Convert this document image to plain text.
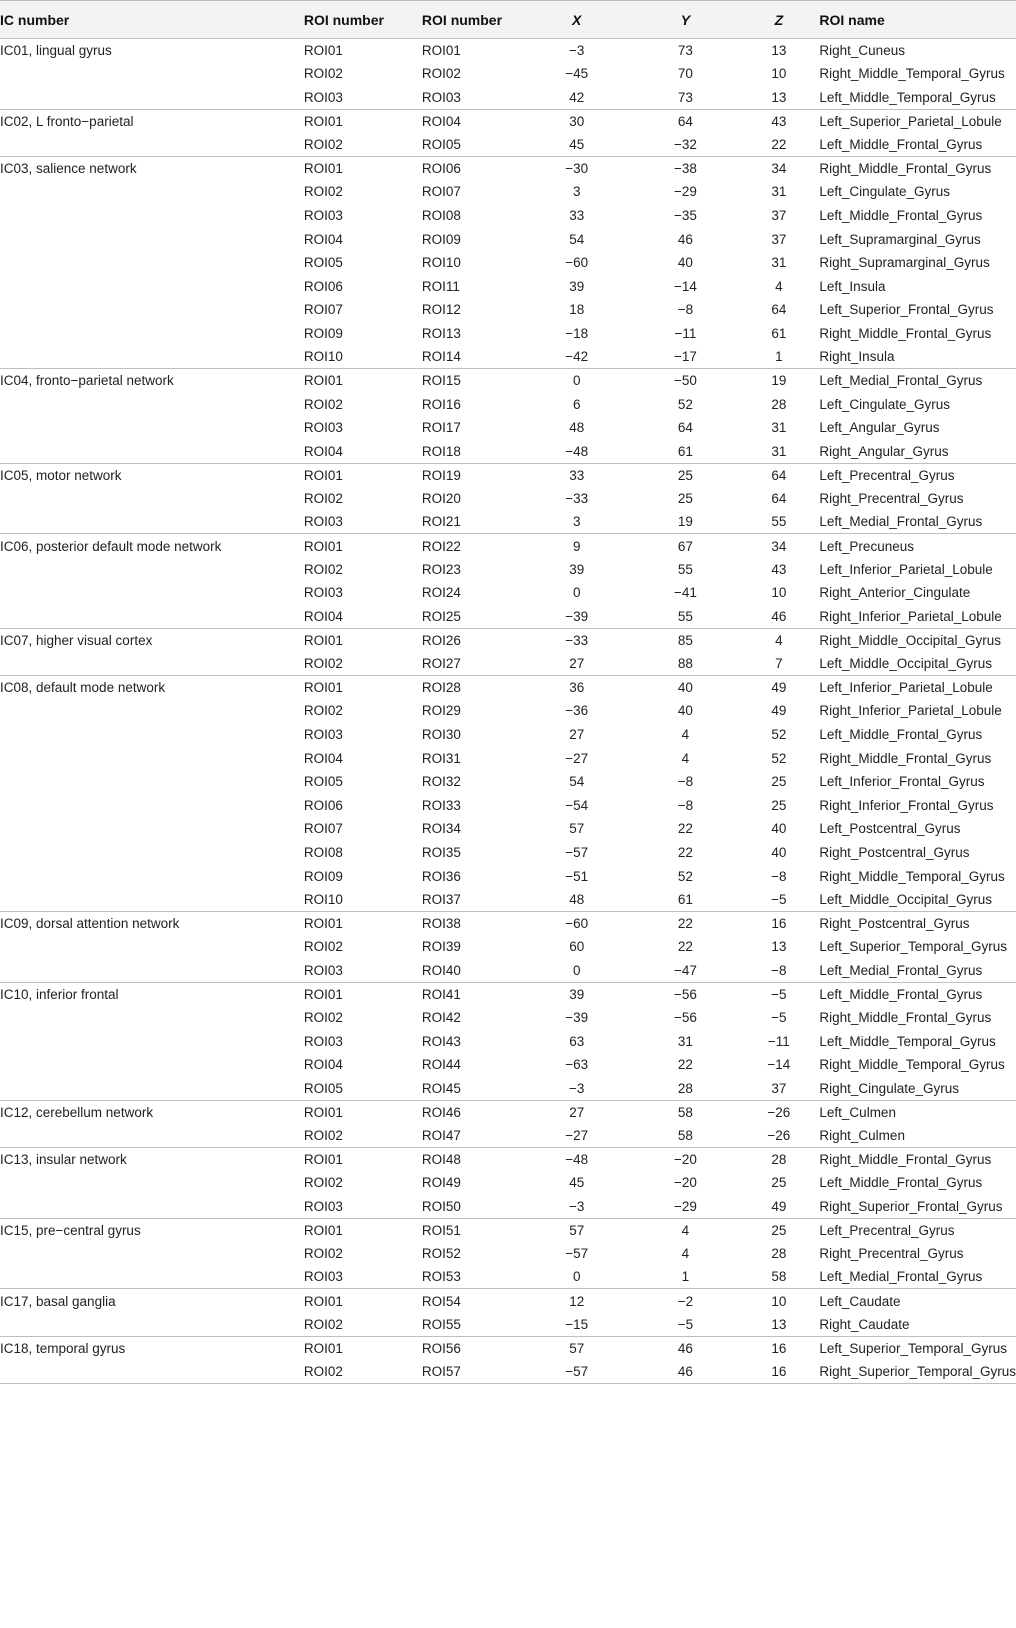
IC number	ROI number	ROI number	X	Y	Z	ROI name
IC01, lingual gyrus	ROI01	ROI01	−3	73	13	Right_Cuneus
	ROI02	ROI02	−45	70	10	Right_Middle_Temporal_Gyrus
	ROI03	ROI03	42	73	13	Left_Middle_Temporal_Gyrus
IC02, L fronto−parietal	ROI01	ROI04	30	64	43	Left_Superior_Parietal_Lobule
	ROI02	ROI05	45	−32	22	Left_Middle_Frontal_Gyrus
IC03, salience network	ROI01	ROI06	−30	−38	34	Right_Middle_Frontal_Gyrus
	ROI02	ROI07	3	−29	31	Left_Cingulate_Gyrus
	ROI03	ROI08	33	−35	37	Left_Middle_Frontal_Gyrus
	ROI04	ROI09	54	46	37	Left_Supramarginal_Gyrus
	ROI05	ROI10	−60	40	31	Right_Supramarginal_Gyrus
	ROI06	ROI11	39	−14	4	Left_Insula
	ROI07	ROI12	18	−8	64	Left_Superior_Frontal_Gyrus
	ROI09	ROI13	−18	−11	61	Right_Middle_Frontal_Gyrus
	ROI10	ROI14	−42	−17	1	Right_Insula
IC04, fronto−parietal network	ROI01	ROI15	0	−50	19	Left_Medial_Frontal_Gyrus
	ROI02	ROI16	6	52	28	Left_Cingulate_Gyrus
	ROI03	ROI17	48	64	31	Left_Angular_Gyrus
	ROI04	ROI18	−48	61	31	Right_Angular_Gyrus
IC05, motor network	ROI01	ROI19	33	25	64	Left_Precentral_Gyrus
	ROI02	ROI20	−33	25	64	Right_Precentral_Gyrus
	ROI03	ROI21	3	19	55	Left_Medial_Frontal_Gyrus
IC06, posterior default mode network	ROI01	ROI22	9	67	34	Left_Precuneus
	ROI02	ROI23	39	55	43	Left_Inferior_Parietal_Lobule
	ROI03	ROI24	0	−41	10	Right_Anterior_Cingulate
	ROI04	ROI25	−39	55	46	Right_Inferior_Parietal_Lobule
IC07, higher visual cortex	ROI01	ROI26	−33	85	4	Right_Middle_Occipital_Gyrus
	ROI02	ROI27	27	88	7	Left_Middle_Occipital_Gyrus
IC08, default mode network	ROI01	ROI28	36	40	49	Left_Inferior_Parietal_Lobule
	ROI02	ROI29	−36	40	49	Right_Inferior_Parietal_Lobule
	ROI03	ROI30	27	4	52	Left_Middle_Frontal_Gyrus
	ROI04	ROI31	−27	4	52	Right_Middle_Frontal_Gyrus
	ROI05	ROI32	54	−8	25	Left_Inferior_Frontal_Gyrus
	ROI06	ROI33	−54	−8	25	Right_Inferior_Frontal_Gyrus
	ROI07	ROI34	57	22	40	Left_Postcentral_Gyrus
	ROI08	ROI35	−57	22	40	Right_Postcentral_Gyrus
	ROI09	ROI36	−51	52	−8	Right_Middle_Temporal_Gyrus
	ROI10	ROI37	48	61	−5	Left_Middle_Occipital_Gyrus
IC09, dorsal attention network	ROI01	ROI38	−60	22	16	Right_Postcentral_Gyrus
	ROI02	ROI39	60	22	13	Left_Superior_Temporal_Gyrus
	ROI03	ROI40	0	−47	−8	Left_Medial_Frontal_Gyrus
IC10, inferior frontal	ROI01	ROI41	39	−56	−5	Left_Middle_Frontal_Gyrus
	ROI02	ROI42	−39	−56	−5	Right_Middle_Frontal_Gyrus
	ROI03	ROI43	63	31	−11	Left_Middle_Temporal_Gyrus
	ROI04	ROI44	−63	22	−14	Right_Middle_Temporal_Gyrus
	ROI05	ROI45	−3	28	37	Right_Cingulate_Gyrus
IC12, cerebellum network	ROI01	ROI46	27	58	−26	Left_Culmen
	ROI02	ROI47	−27	58	−26	Right_Culmen
IC13, insular network	ROI01	ROI48	−48	−20	28	Right_Middle_Frontal_Gyrus
	ROI02	ROI49	45	−20	25	Left_Middle_Frontal_Gyrus
	ROI03	ROI50	−3	−29	49	Right_Superior_Frontal_Gyrus
IC15, pre−central gyrus	ROI01	ROI51	57	4	25	Left_Precentral_Gyrus
	ROI02	ROI52	−57	4	28	Right_Precentral_Gyrus
	ROI03	ROI53	0	1	58	Left_Medial_Frontal_Gyrus
IC17, basal ganglia	ROI01	ROI54	12	−2	10	Left_Caudate
	ROI02	ROI55	−15	−5	13	Right_Caudate
IC18, temporal gyrus	ROI01	ROI56	57	46	16	Left_Superior_Temporal_Gyrus
	ROI02	ROI57	−57	46	16	Right_Superior_Temporal_Gyrus
